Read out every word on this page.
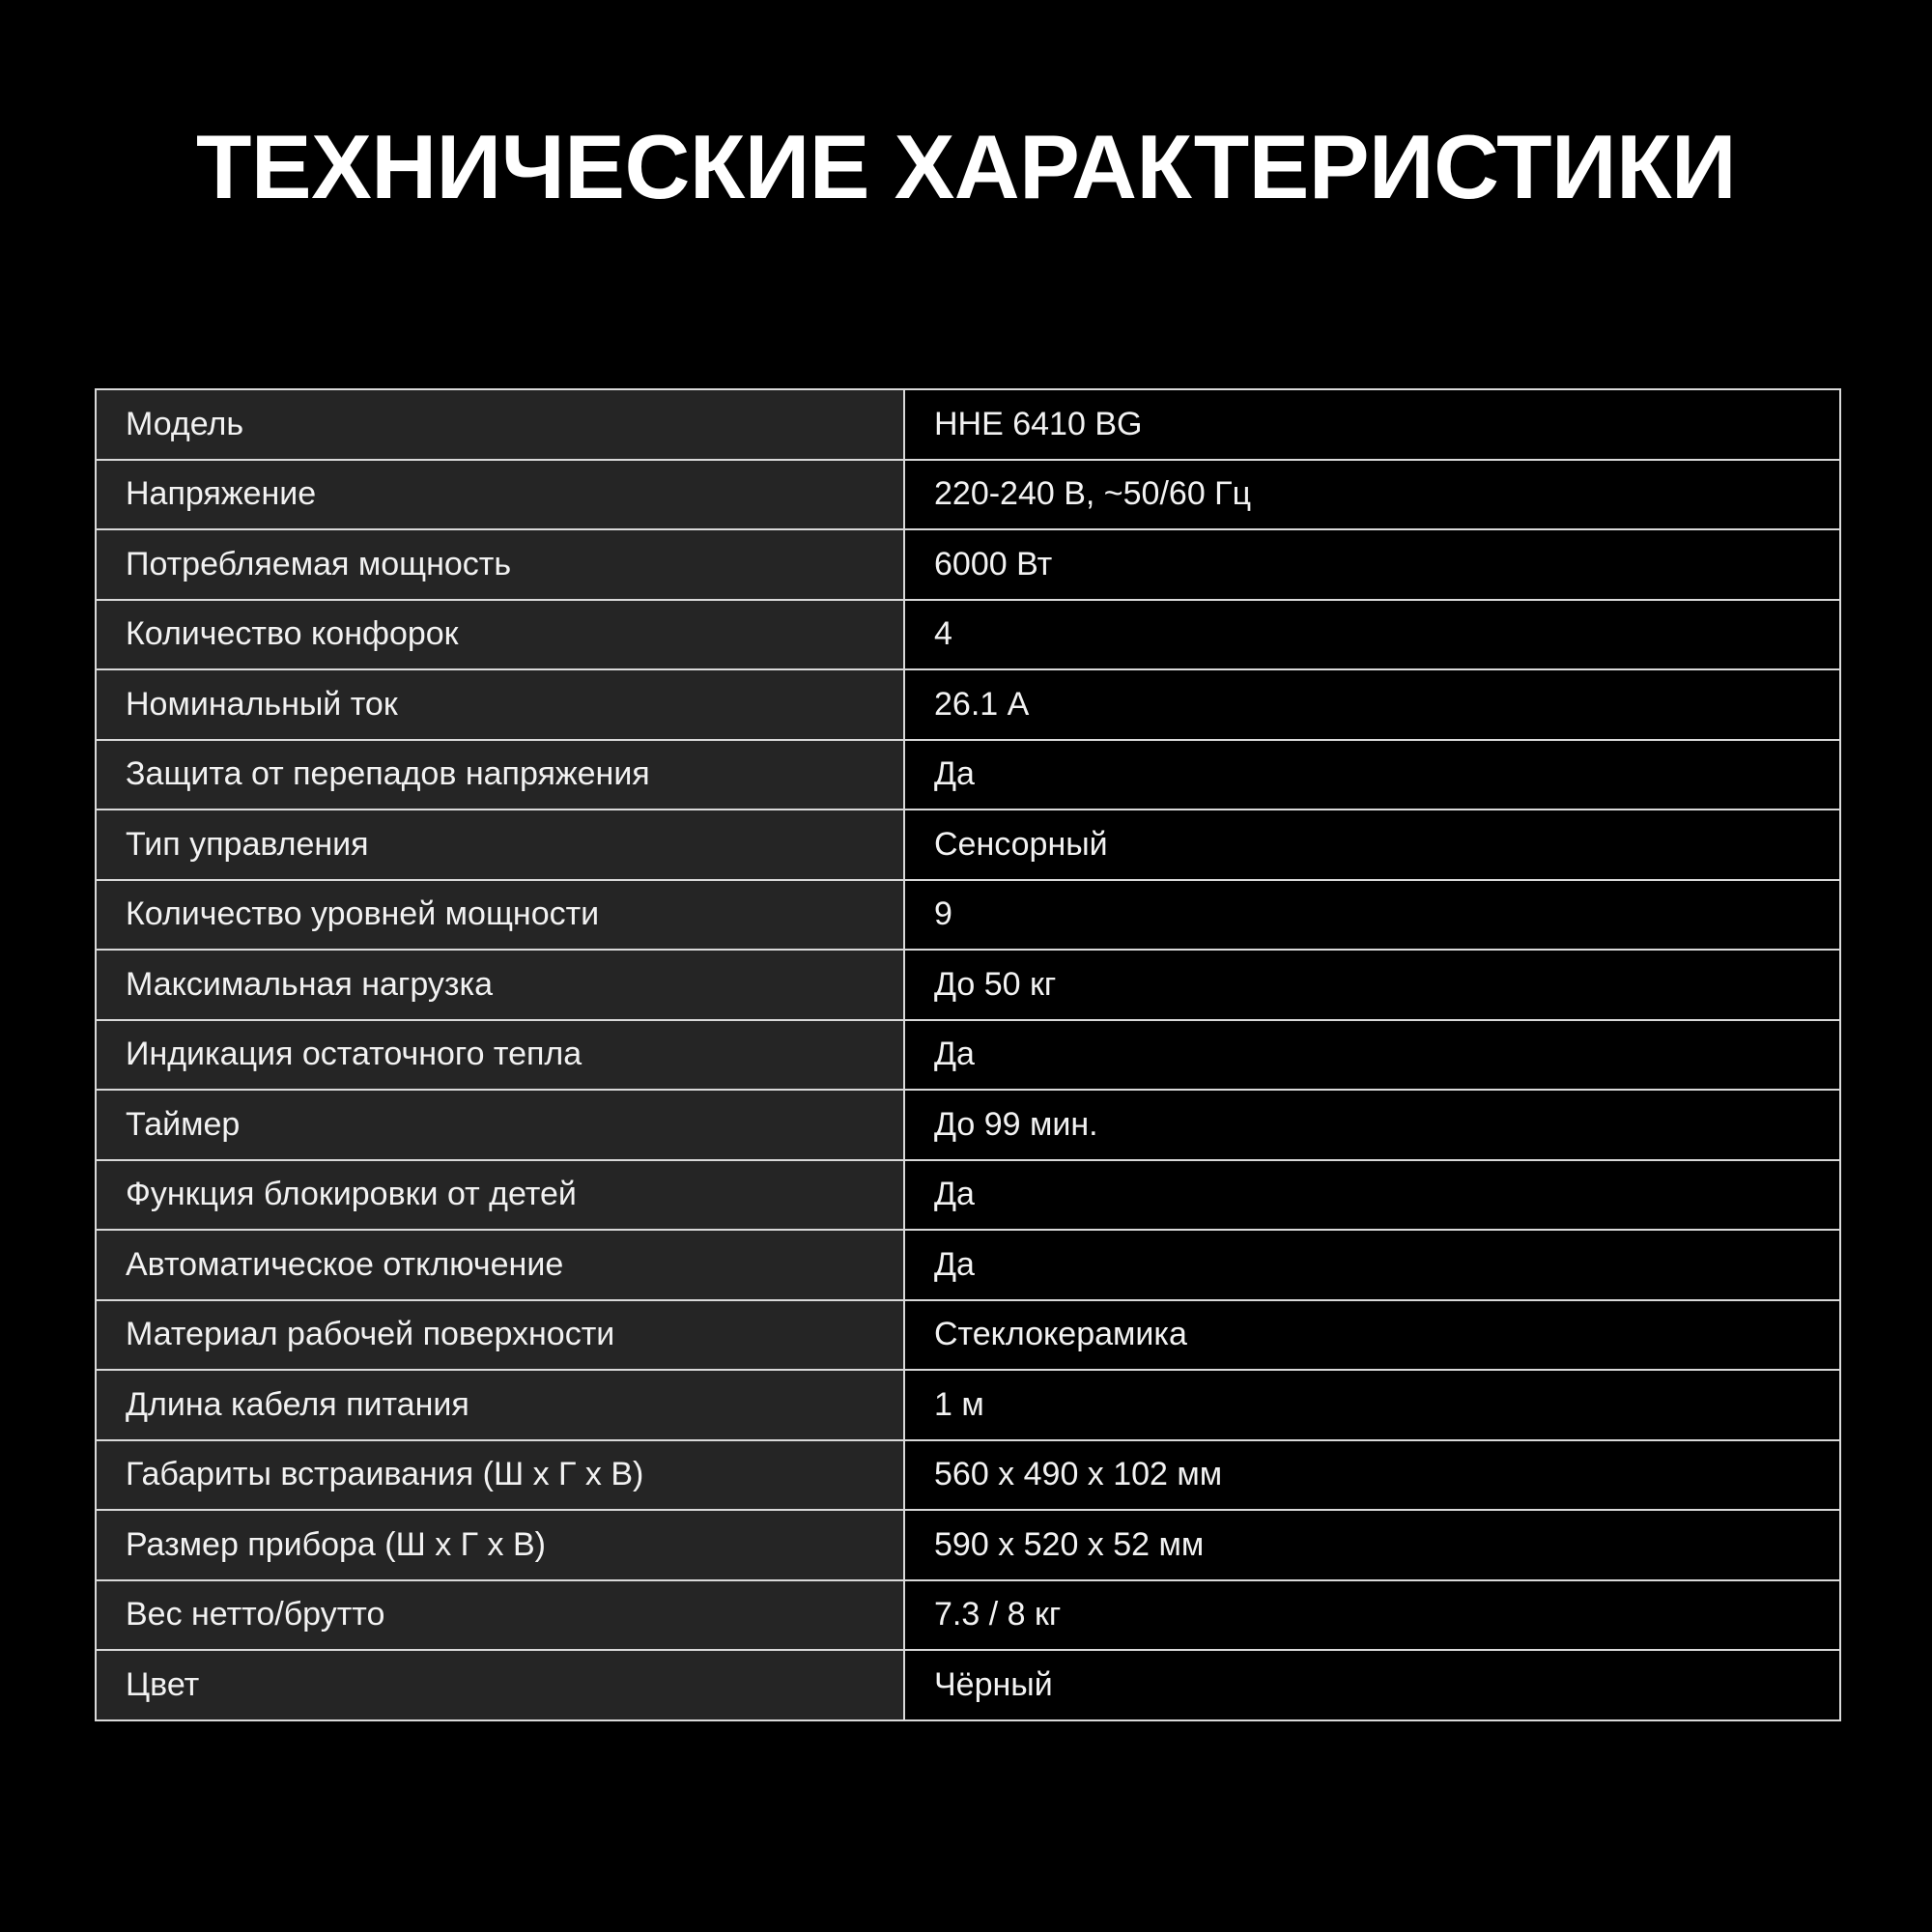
ТЕХНИЧЕСКИЕ ХАРАКТЕРИСТИКИ
Модель	HHE 6410 BG
Напряжение	220-240 В, ~50/60 Гц
Потребляемая мощность	6000 Вт
Количество конфорок	4
Номинальный ток	26.1 А
Защита от перепадов напряжения	Да
Тип управления	Сенсорный
Количество уровней мощности	9
Максимальная нагрузка	До 50 кг
Индикация остаточного тепла	Да
Таймер	До 99 мин.
Функция блокировки от детей	Да
Автоматическое отключение	Да
Материал рабочей поверхности	Стеклокерамика
Длина кабеля питания	1 м
Габариты встраивания (Ш х Г х В)	560 х 490 х 102 мм
Размер прибора (Ш х Г х В)	590 х 520 х 52 мм
Вес нетто/брутто	7.3 / 8 кг
Цвет	Чёрный
